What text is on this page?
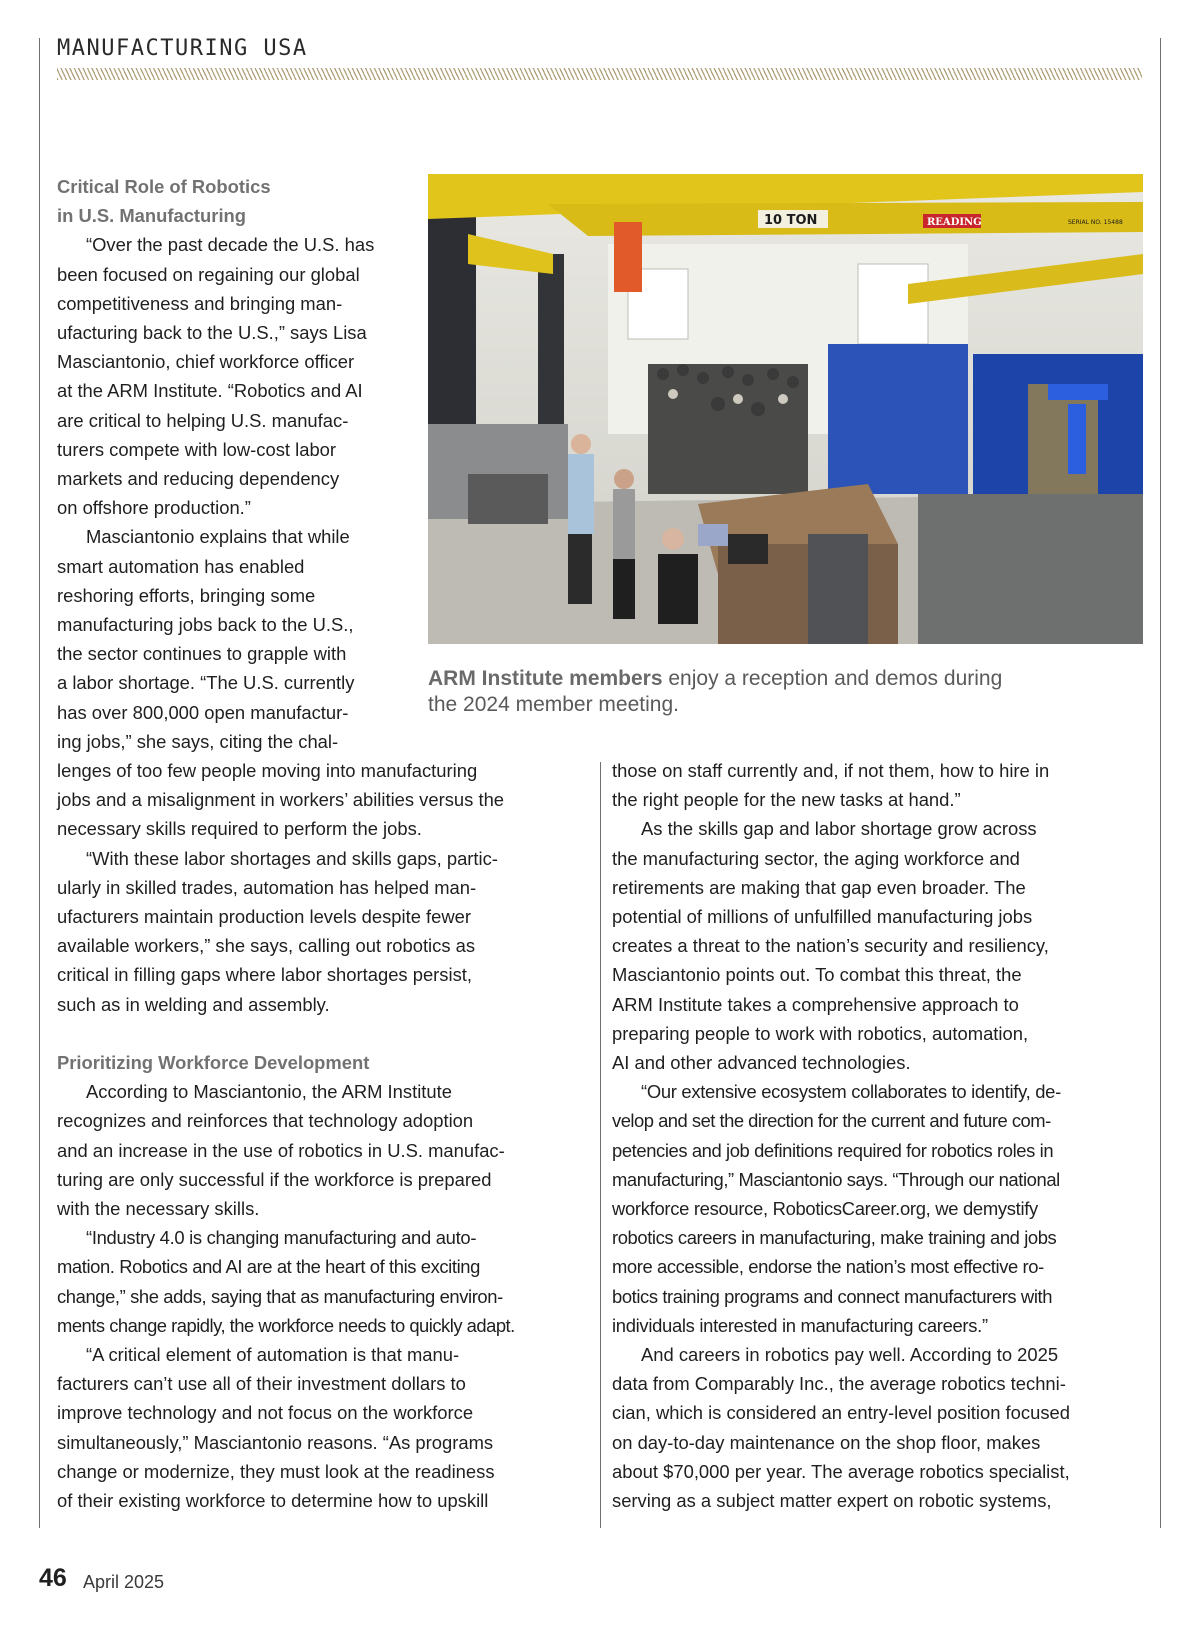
MANUFACTURING USA
Critical Role of Robotics
in U.S. Manufacturing

“Over the past decade the U.S. has

been focused on regaining our global
competitiveness and bringing man-
ufacturing back to the U.S.,” says Lisa
Masciantonio, chief workforce officer
at the ARM Institute. “Robotics and AI
are critical to helping U.S. manufac-
turers compete with low-cost labor
markets and reducing dependency
on offshore production.”
Masciantonio explains that while
smart automation has enabled
reshoring efforts, bringing some
manufacturing jobs back to the U.S.,
the sector continues to grapple with
a labor shortage. “The U.S. currently
has over 800,000 open manufactur-
ing jobs,” she says, citing the chal-
10 TON	READING	SERIAL NO. 15488
ARM Institute members enjoy a reception and demos during
the 2024 member meeting.
lenges of too few people moving into manufacturing
jobs and a misalignment in workers’ abilities versus the
necessary skills required to perform the jobs.
“With these labor shortages and skills gaps, partic-
ularly in skilled trades, automation has helped man-
ufacturers maintain production levels despite fewer
available workers,” she says, calling out robotics as
critical in filling gaps where labor shortages persist,
such as in welding and assembly.
Prioritizing Workforce Development
According to Masciantonio, the ARM Institute
recognizes and reinforces that technology adoption
and an increase in the use of robotics in U.S. manufac-
turing are only successful if the workforce is prepared
with the necessary skills.
“Industry 4.0 is changing manufacturing and auto-
mation. Robotics and AI are at the heart of this exciting
change,” she adds, saying that as manufacturing environ-
ments change rapidly, the workforce needs to quickly adapt.
“A critical element of automation is that manu-
facturers can’t use all of their investment dollars to
improve technology and not focus on the workforce
simultaneously,” Masciantonio reasons. “As programs
change or modernize, they must look at the readiness
of their existing workforce to determine how to upskill
those on staff currently and, if not them, how to hire in
the right people for the new tasks at hand.”
As the skills gap and labor shortage grow across
the manufacturing sector, the aging workforce and
retirements are making that gap even broader. The
potential of millions of unfulfilled manufacturing jobs
creates a threat to the nation’s security and resiliency,
Masciantonio points out. To combat this threat, the
ARM Institute takes a comprehensive approach to
preparing people to work with robotics, automation,
AI and other advanced technologies.
“Our extensive ecosystem collaborates to identify, de-
velop and set the direction for the current and future com-
petencies and job definitions required for robotics roles in
manufacturing,” Masciantonio says. “Through our national
workforce resource, RoboticsCareer.org, we demystify
robotics careers in manufacturing, make training and jobs
more accessible, endorse the nation’s most effective ro-
botics training programs and connect manufacturers with
individuals interested in manufacturing careers.”
And careers in robotics pay well. According to 2025
data from Comparably Inc., the average robotics techni-
cian, which is considered an entry-level position focused
on day-to-day maintenance on the shop floor, makes
about $70,000 per year. The average robotics specialist,
serving as a subject matter expert on robotic systems,
46 April 2025
